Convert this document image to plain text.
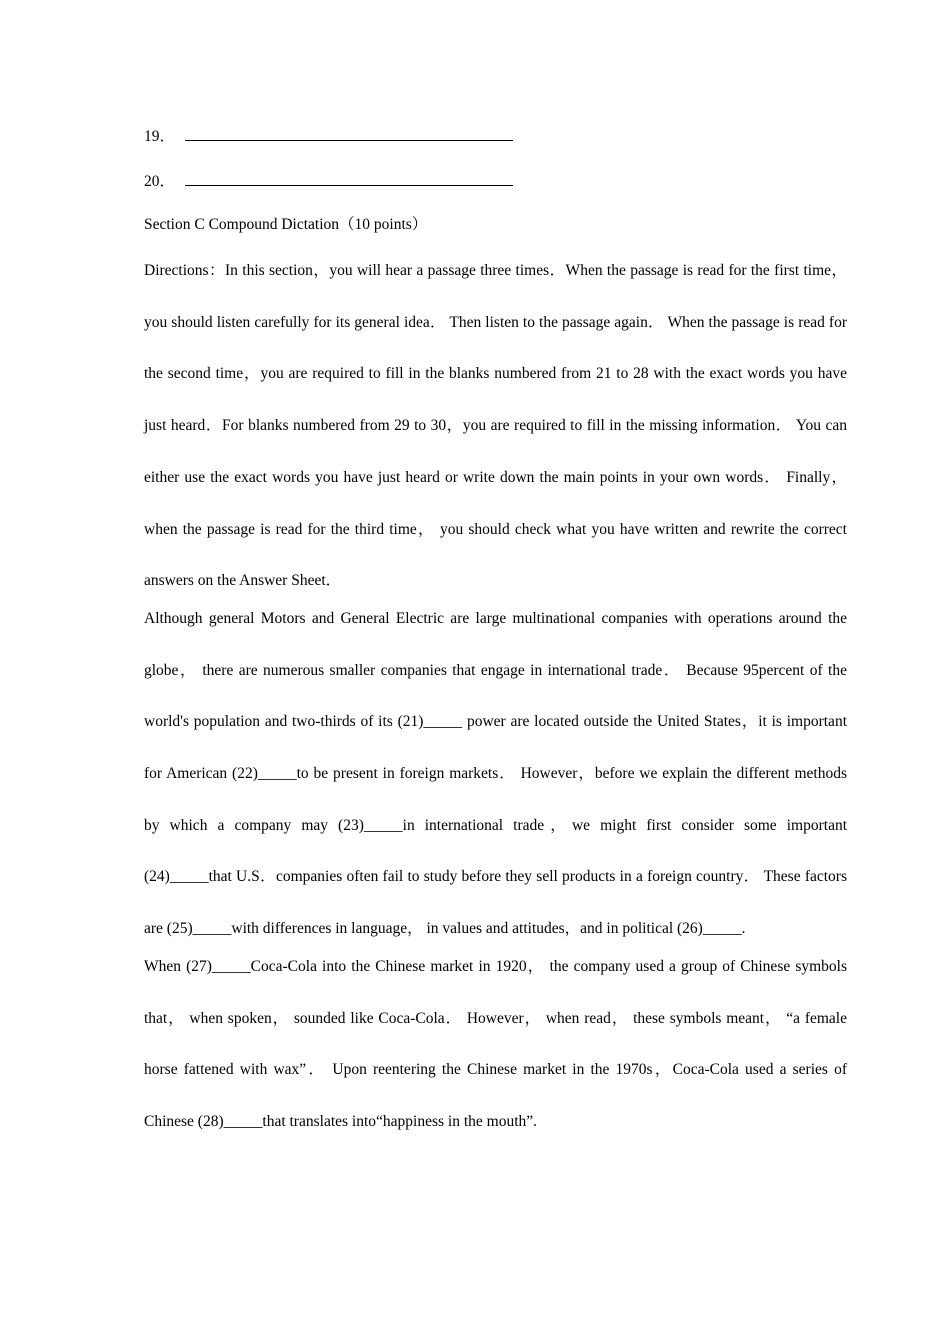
19．
20．
Section C Compound Dictation（10 points）

Directions：In this section，you will hear a passage three times．When the passage is read for the first time， you should listen carefully for its general idea． Then listen to the passage again． When the passage is read for the second time，you are required to fill in the blanks numbered from 21 to 28 with the exact words you have just heard．For blanks numbered from 29 to 30，you are required to fill in the missing information． You can either use the exact words you have just heard or write down the main points in your own words． Finally， when the passage is read for the third time， you should check what you have written and rewrite the correct answers on the Answer Sheet．

Although general Motors and General Electric are large multinational companies with operations around the globe， there are numerous smaller companies that engage in international trade． Because 95percent of the world's population and two-thirds of its (21)_____ power are located outside the United States，it is important for American (22)_____to be present in foreign markets． However，before we explain the different methods by which a company may (23)_____in international trade，we might first consider some important (24)_____that U.S．companies often fail to study before they sell products in a foreign country． These factors are (25)_____with differences in language， in values and attitudes，and in political (26)_____.

When (27)_____Coca-Cola into the Chinese market in 1920， the company used a group of Chinese symbols that， when spoken， sounded like Coca-Cola． However， when read， these symbols meant， “a female horse fattened with wax”． Upon reentering the Chinese market in the 1970s，Coca-Cola used a series of Chinese (28)_____that translates into“happiness in the mouth”.
